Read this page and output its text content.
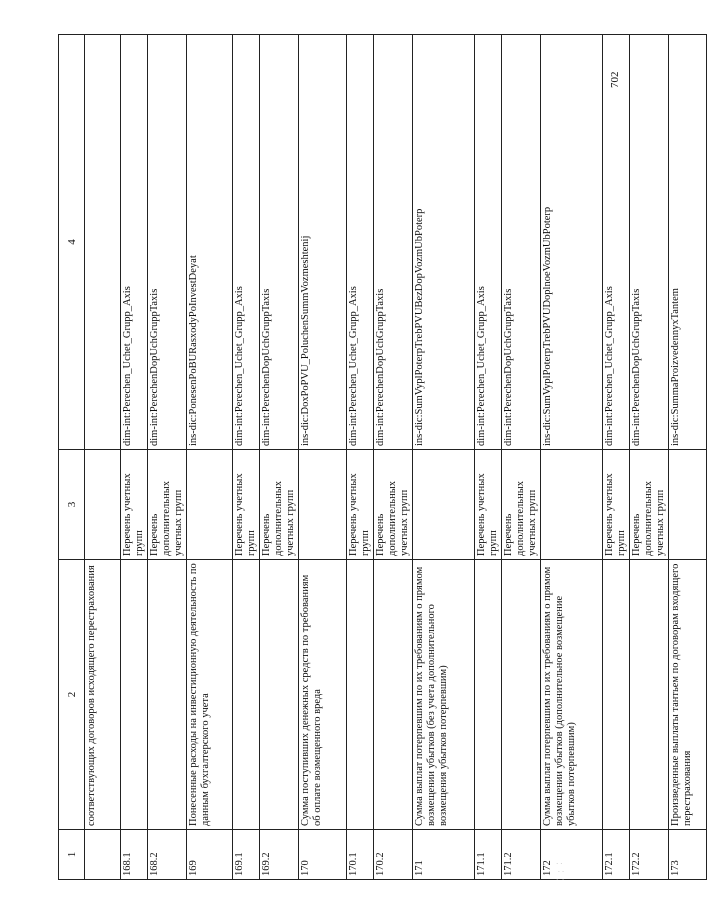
1	2	3	4
	соответствующих договоров исходящего перестрахования		
168.1		Перечень учетных групп	dim-int:Perechen_Uchet_Grupp_Axis
168.2		Перечень дополнительных учетных групп	dim-int:PerechenDopUchGruppTaxis
169	Понесенные расходы на инвестиционную деятельность по данным бухгалтерского учета		ins-dic:PonesenPoBURasxodyPoInvestDeyat
169.1		Перечень учетных групп	dim-int:Perechen_Uchet_Grupp_Axis
169.2		Перечень дополнительных учетных групп	dim-int:PerechenDopUchGruppTaxis
170	Сумма поступивших денежных средств по требованиям об оплате возмещенного вреда		ins-dic:DoxPoPVU_PoluchenSummVozmeshtenij
170.1		Перечень учетных групп	dim-int:Perechen_Uchet_Grupp_Axis
170.2		Перечень дополнительных учетных групп	dim-int:PerechenDopUchGruppTaxis
171	Сумма выплат потерпевшим по их требованиям о прямом возмещении убытков (без учета дополнительного возмещения убытков потерпевшим)		ins-dic:SumVyplPoterpTrebPVUBezDopVozmUbPoterp
171.1		Перечень учетных групп	dim-int:Perechen_Uchet_Grupp_Axis
171.2		Перечень дополнительных учетных групп	dim-int:PerechenDopUchGruppTaxis
172	Сумма выплат потерпевшим по их требованиям о прямом возмещении убытков (дополнительное возмещение убытков потерпевшим)		ins-dic:SumVyplPoterpTrebPVUDoplnoeVozmUbPoterp
172.1		Перечень учетных групп	dim-int:Perechen_Uchet_Grupp_Axis
172.2		Перечень дополнительных учетных групп	dim-int:PerechenDopUchGruppTaxis
173	Произведенные выплаты тантьем по договорам входящего перестрахования		ins-dic:SummaProizvedennyxTantem
702
· ·
· ·
·  ·
